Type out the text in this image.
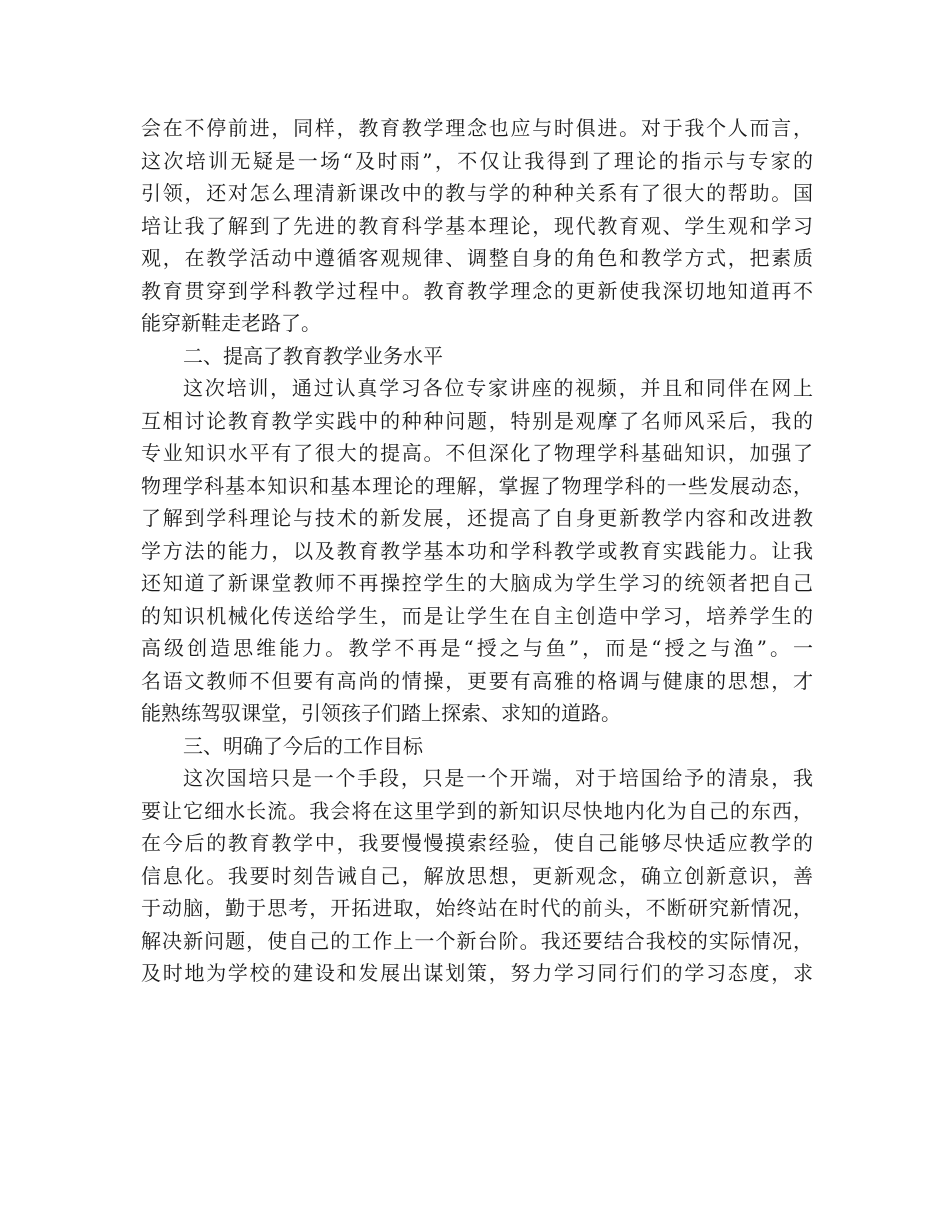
会在不停前进，同样，教育教学理念也应与时俱进。对于我个人而言，
这次培训无疑是一场“及时雨”，不仅让我得到了理论的指示与专家的
引领，还对怎么理清新课改中的教与学的种种关系有了很大的帮助。国
培让我了解到了先进的教育科学基本理论，现代教育观、学生观和学习
观，在教学活动中遵循客观规律、调整自身的角色和教学方式，把素质
教育贯穿到学科教学过程中。教育教学理念的更新使我深切地知道再不
能穿新鞋走老路了。
二、提高了教育教学业务水平
这次培训，通过认真学习各位专家讲座的视频，并且和同伴在网上
互相讨论教育教学实践中的种种问题，特别是观摩了名师风采后，我的
专业知识水平有了很大的提高。不但深化了物理学科基础知识，加强了
物理学科基本知识和基本理论的理解，掌握了物理学科的一些发展动态，
了解到学科理论与技术的新发展，还提高了自身更新教学内容和改进教
学方法的能力，以及教育教学基本功和学科教学或教育实践能力。让我
还知道了新课堂教师不再操控学生的大脑成为学生学习的统领者把自己
的知识机械化传送给学生，而是让学生在自主创造中学习，培养学生的
高级创造思维能力。教学不再是“授之与鱼”，而是“授之与渔”。一
名语文教师不但要有高尚的情操，更要有高雅的格调与健康的思想，才
能熟练驾驭课堂，引领孩子们踏上探索、求知的道路。
三、明确了今后的工作目标
这次国培只是一个手段，只是一个开端，对于培国给予的清泉，我
要让它细水长流。我会将在这里学到的新知识尽快地内化为自己的东西，
在今后的教育教学中，我要慢慢摸索经验，使自己能够尽快适应教学的
信息化。我要时刻告诫自己，解放思想，更新观念，确立创新意识，善
于动脑，勤于思考，开拓进取，始终站在时代的前头，不断研究新情况，
解决新问题，使自己的工作上一个新台阶。我还要结合我校的实际情况，
及时地为学校的建设和发展出谋划策，努力学习同行们的学习态度，求
